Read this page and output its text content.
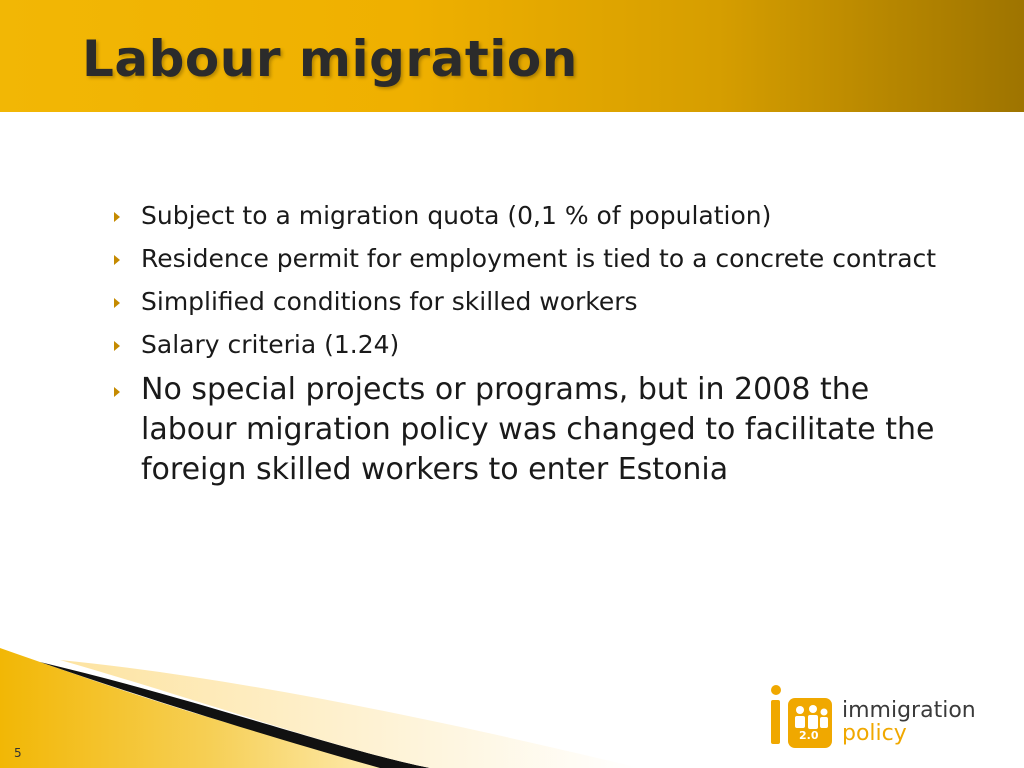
Labour migration
Subject to a migration quota (0,1 % of population)
Residence permit for employment is tied to a concrete contract
Simplified conditions for skilled workers
Salary criteria (1.24)
No special projects or programs, but in 2008 the labour migration policy was changed to facilitate the foreign skilled workers to enter Estonia
5
2.0
immigration
policy
